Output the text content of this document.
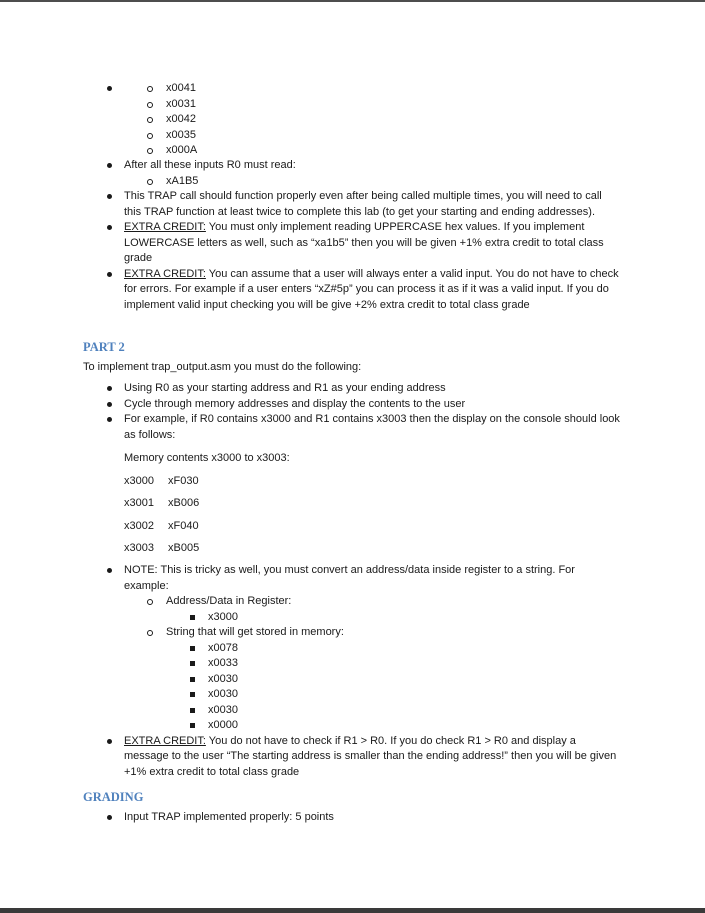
x0041
x0031
x0042
x0035
x000A
After all these inputs R0 must read:
xA1B5
This TRAP call should function properly even after being called multiple times, you will need to call this TRAP function at least twice to complete this lab (to get your starting and ending addresses).
EXTRA CREDIT: You must only implement reading UPPERCASE hex values. If you implement LOWERCASE letters as well, such as “xa1b5” then you will be given +1% extra credit to total class grade
EXTRA CREDIT: You can assume that a user will always enter a valid input. You do not have to check for errors. For example if a user enters “xZ#5p” you can process it as if it was a valid input. If you do implement valid input checking you will be give +2% extra credit to total class grade
PART 2
To implement trap_output.asm you must do the following:
Using R0 as your starting address and R1 as your ending address
Cycle through memory addresses and display the contents to the user
For example, if R0 contains x3000 and R1 contains x3003 then the display on the console should look as follows:
Memory contents x3000 to x3003:
x3000 xF030
x3001 xB006
x3002 xF040
x3003 xB005
NOTE: This is tricky as well, you must convert an address/data inside register to a string. For example:
Address/Data in Register:
x3000
String that will get stored in memory:
x0078
x0033
x0030
x0030
x0030
x0000
EXTRA CREDIT: You do not have to check if R1 > R0. If you do check R1 > R0 and display a message to the user “The starting address is smaller than the ending address!” then you will be given +1% extra credit to total class grade
GRADING
Input TRAP implemented properly: 5 points
